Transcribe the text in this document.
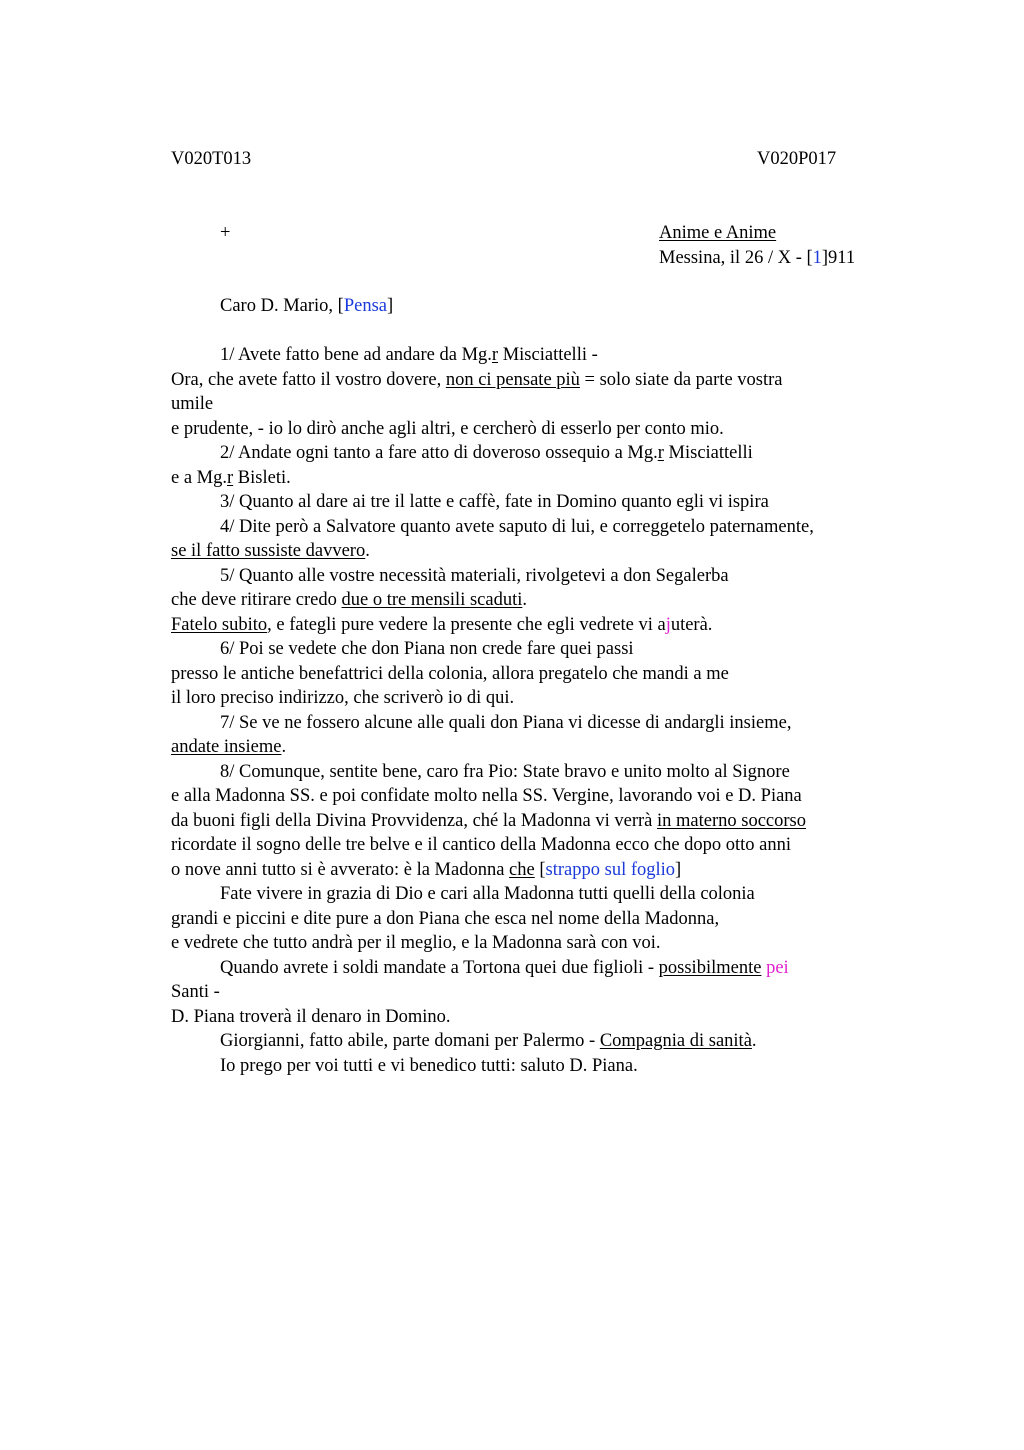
V020T013	V020P017
+	Anime e Anime
Messina, il 26 / X - [1]911
Caro D. Mario, [Pensa]
1/ Avete fatto bene ad andare da Mg.r Misciattelli -
Ora, che avete fatto il vostro dovere, non ci pensate più = solo siate da parte vostra
umile
e prudente, - io lo dirò anche agli altri, e cercherò di esserlo per conto mio.
2/ Andate ogni tanto a fare atto di doveroso ossequio a Mg.r Misciattelli
e a Mg.r Bisleti.
3/ Quanto al dare ai tre il latte e caffè, fate in Domino quanto egli vi ispira
4/ Dite però a Salvatore quanto avete saputo di lui, e correggetelo paternamente,
se il fatto sussiste davvero.
5/ Quanto alle vostre necessità materiali, rivolgetevi a don Segalerba
che deve ritirare credo due o tre mensili scaduti.
Fatelo subito, e fategli pure vedere la presente che egli vedrete vi ajuterà.
6/ Poi se vedete che don Piana non crede fare quei passi
presso le antiche benefattrici della colonia, allora pregatelo che mandi a me
il loro preciso indirizzo, che scriverò io di qui.
7/ Se ve ne fossero alcune alle quali don Piana vi dicesse di andargli insieme,
andate insieme.
8/ Comunque, sentite bene, caro fra Pio: State bravo e unito molto al Signore
e alla Madonna SS. e poi confidate molto nella SS. Vergine, lavorando voi e D. Piana
da buoni figli della Divina Provvidenza, ché la Madonna vi verrà in materno soccorso
ricordate il sogno delle tre belve e il cantico della Madonna ecco che dopo otto anni
o nove anni tutto si è avverato: è la Madonna che [strappo sul foglio]
Fate vivere in grazia di Dio e cari alla Madonna tutti quelli della colonia
grandi e piccini e dite pure a don Piana che esca nel nome della Madonna,
e vedrete che tutto andrà per il meglio, e la Madonna sarà con voi.
Quando avrete i soldi mandate a Tortona quei due figlioli - possibilmente pei
Santi -
D. Piana troverà il denaro in Domino.
Giorgianni, fatto abile, parte domani per Palermo - Compagnia di sanità.
Io prego per voi tutti e vi benedico tutti: saluto D. Piana.
